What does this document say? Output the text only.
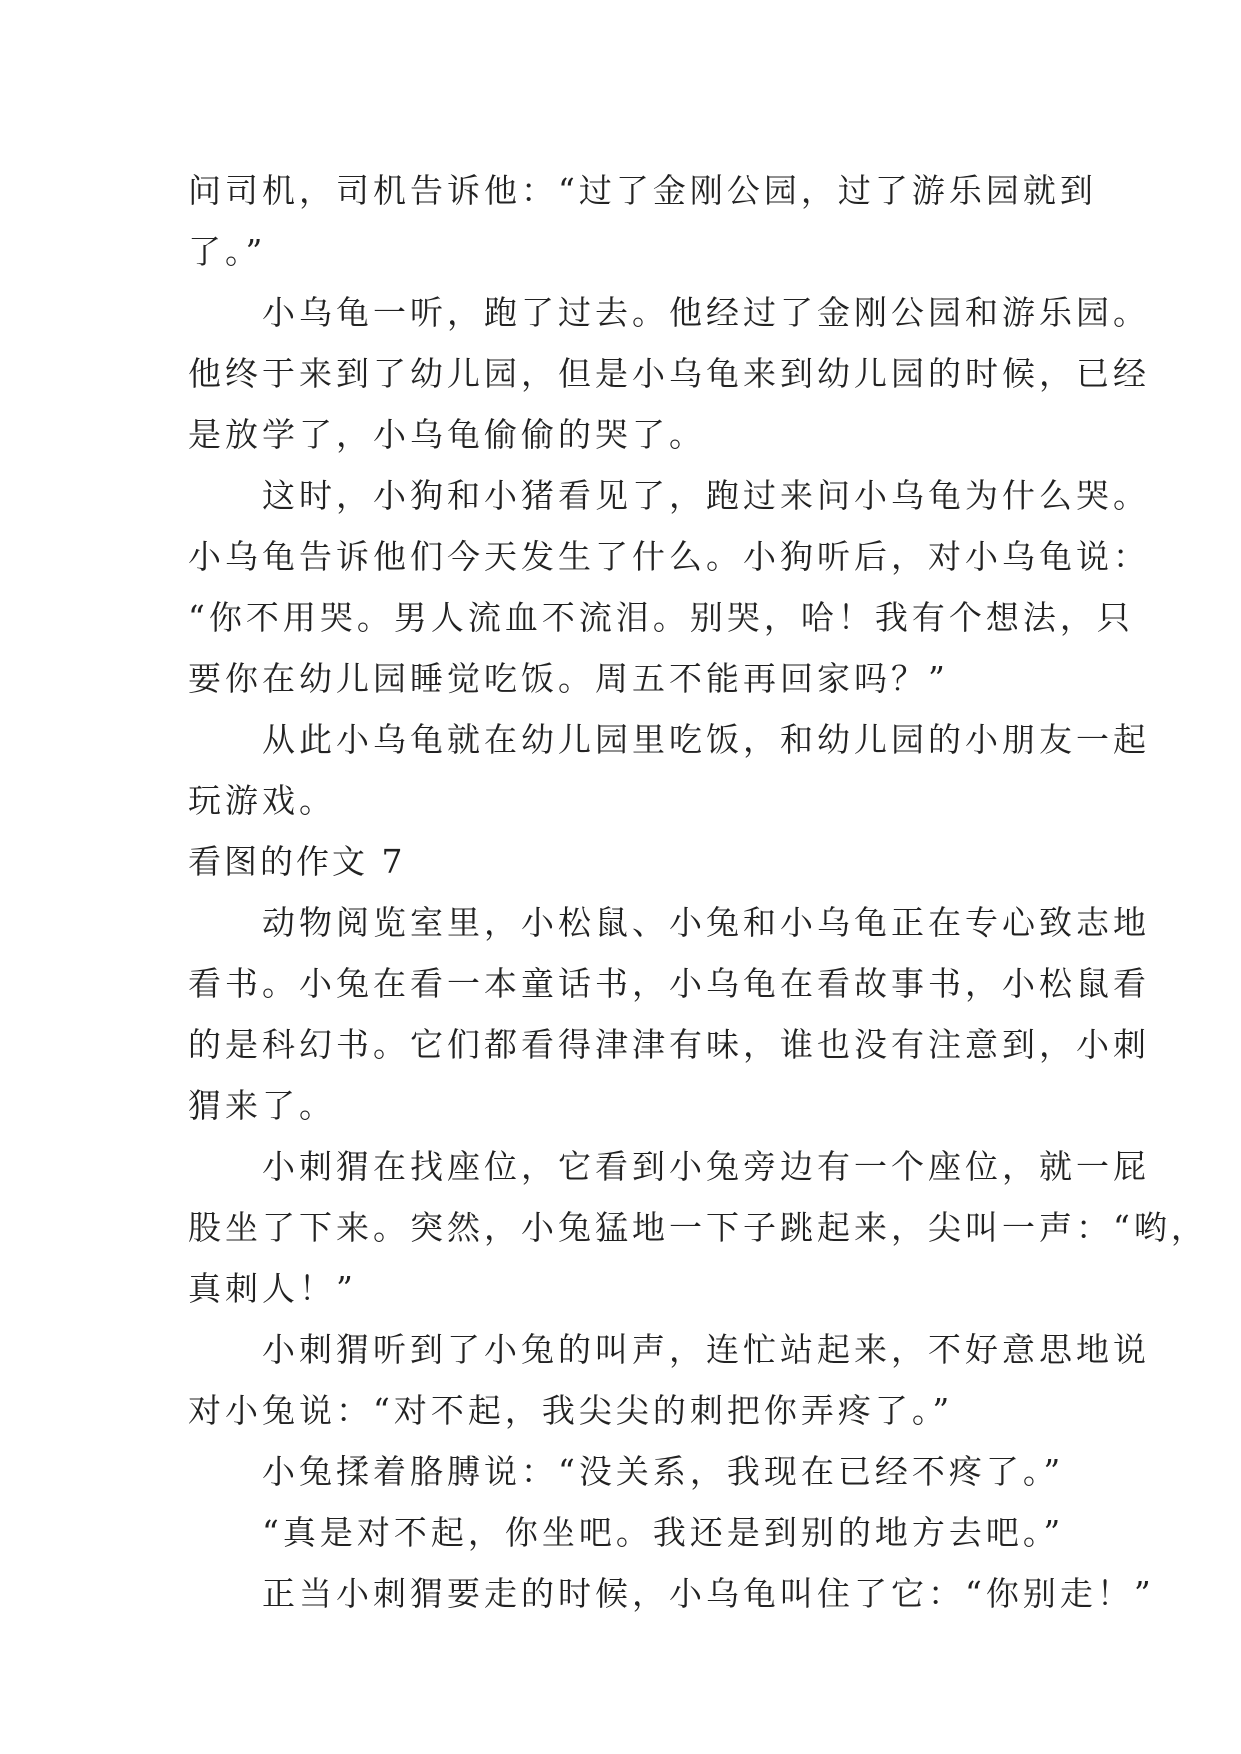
问司机，司机告诉他：“过了金刚公园，过了游乐园就到

了。”

小乌龟一听，跑了过去。他经过了金刚公园和游乐园。

他终于来到了幼儿园，但是小乌龟来到幼儿园的时候，已经

是放学了，小乌龟偷偷的哭了。

这时，小狗和小猪看见了，跑过来问小乌龟为什么哭。

小乌龟告诉他们今天发生了什么。小狗听后，对小乌龟说：

“你不用哭。男人流血不流泪。别哭，哈！我有个想法，只

要你在幼儿园睡觉吃饭。周五不能再回家吗？”

从此小乌龟就在幼儿园里吃饭，和幼儿园的小朋友一起

玩游戏。

看图的作文 7

动物阅览室里，小松鼠、小兔和小乌龟正在专心致志地

看书。小兔在看一本童话书，小乌龟在看故事书，小松鼠看

的是科幻书。它们都看得津津有味，谁也没有注意到，小刺

猬来了。

小刺猬在找座位，它看到小兔旁边有一个座位，就一屁

股坐了下来。突然，小兔猛地一下子跳起来，尖叫一声：“哟，

真刺人！”

小刺猬听到了小兔的叫声，连忙站起来，不好意思地说

对小兔说：“对不起，我尖尖的刺把你弄疼了。”

小兔揉着胳膊说：“没关系，我现在已经不疼了。”

“真是对不起，你坐吧。我还是到别的地方去吧。”

正当小刺猬要走的时候，小乌龟叫住了它：“你别走！”
